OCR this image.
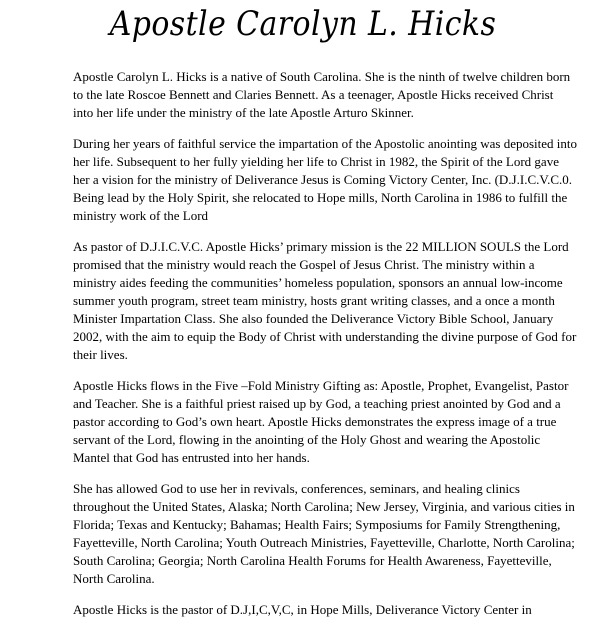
Apostle Carolyn L. Hicks

Apostle Carolyn L. Hicks is a native of South Carolina. She is the ninth of twelve children born
to the late Roscoe Bennett and Claries Bennett. As a teenager, Apostle Hicks received Christ
into her life under the ministry of the late Apostle Arturo Skinner.

During her years of faithful service the impartation of the Apostolic anointing was deposited into
her life. Subsequent to her fully yielding her life to Christ in 1982, the Spirit of the Lord gave
her a vision for the ministry of Deliverance Jesus is Coming Victory Center, Inc. (D.J.I.C.V.C.0.
Being lead by the Holy Spirit, she relocated to Hope mills, North Carolina in 1986 to fulfill the
ministry work of the Lord

As pastor of D.J.I.C.V.C. Apostle Hicks’ primary mission is the 22 MILLION SOULS the Lord
promised that the ministry would reach the Gospel of Jesus Christ. The ministry within a
ministry aides feeding the communities’ homeless population, sponsors an annual low-income
summer youth program, street team ministry, hosts grant writing classes, and a once a month
Minister Impartation Class. She also founded the Deliverance Victory Bible School, January
2002, with the aim to equip the Body of Christ with understanding the divine purpose of God for
their lives.

Apostle Hicks flows in the Five –Fold Ministry Gifting as: Apostle, Prophet, Evangelist, Pastor
and Teacher. She is a faithful priest raised up by God, a teaching priest anointed by God and a
pastor according to God’s own heart. Apostle Hicks demonstrates the express image of a true
servant of the Lord, flowing in the anointing of the Holy Ghost and wearing the Apostolic
Mantel that God has entrusted into her hands.

She has allowed God to use her in revivals, conferences, seminars, and healing clinics
throughout the United States, Alaska; North Carolina; New Jersey, Virginia, and various cities in
Florida; Texas and Kentucky; Bahamas; Health Fairs; Symposiums for Family Strengthening,
Fayetteville, North Carolina; Youth Outreach Ministries, Fayetteville, Charlotte, North Carolina;
South Carolina; Georgia; North Carolina Health Forums for Health Awareness, Fayetteville,
North Carolina.

Apostle Hicks is the pastor of D.J,I,C,V,C, in Hope Mills, Deliverance Victory Center in
